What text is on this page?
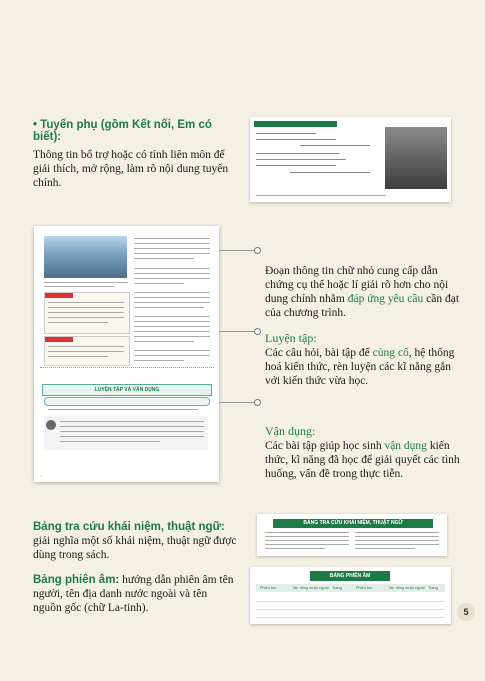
• Tuyến phụ (gồm Kết nối, Em có biết):
Thông tin bổ trợ hoặc có tính liên môn để giải thích, mở rộng, làm rõ nội dung tuyến chính.
LUYỆN TẬP VÀ VẬN DỤNG
◦
Đoạn thông tin chữ nhỏ cung cấp dẫn chứng cụ thể hoặc lí giải rõ hơn cho nội dung chính nhằm đáp ứng yêu cầu cần đạt của chương trình.
Luyện tập:
Các câu hỏi, bài tập để củng cố, hệ thống hoá kiến thức, rèn luyện các kĩ năng gắn với kiến thức vừa học.
Vận dụng:
Các bài tập giúp học sinh vận dụng kiến thức, kĩ năng đã học để giải quyết các tình huống, vấn đề trong thực tiễn.
Bảng tra cứu khái niệm, thuật ngữ: giải nghĩa một số khái niệm, thuật ngữ được dùng trong sách.
BẢNG TRA CỨU KHÁI NIỆM, THUẬT NGỮ
Bảng phiên âm: hướng dẫn phiên âm tên người, tên địa danh nước ngoài và tên nguồn gốc (chữ La-tinh).
BẢNG PHIÊN ÂM
Phiên âm	Tên riêng nước ngoài Trang	Phiên âm	Tên riêng nước ngoài Trang
5
